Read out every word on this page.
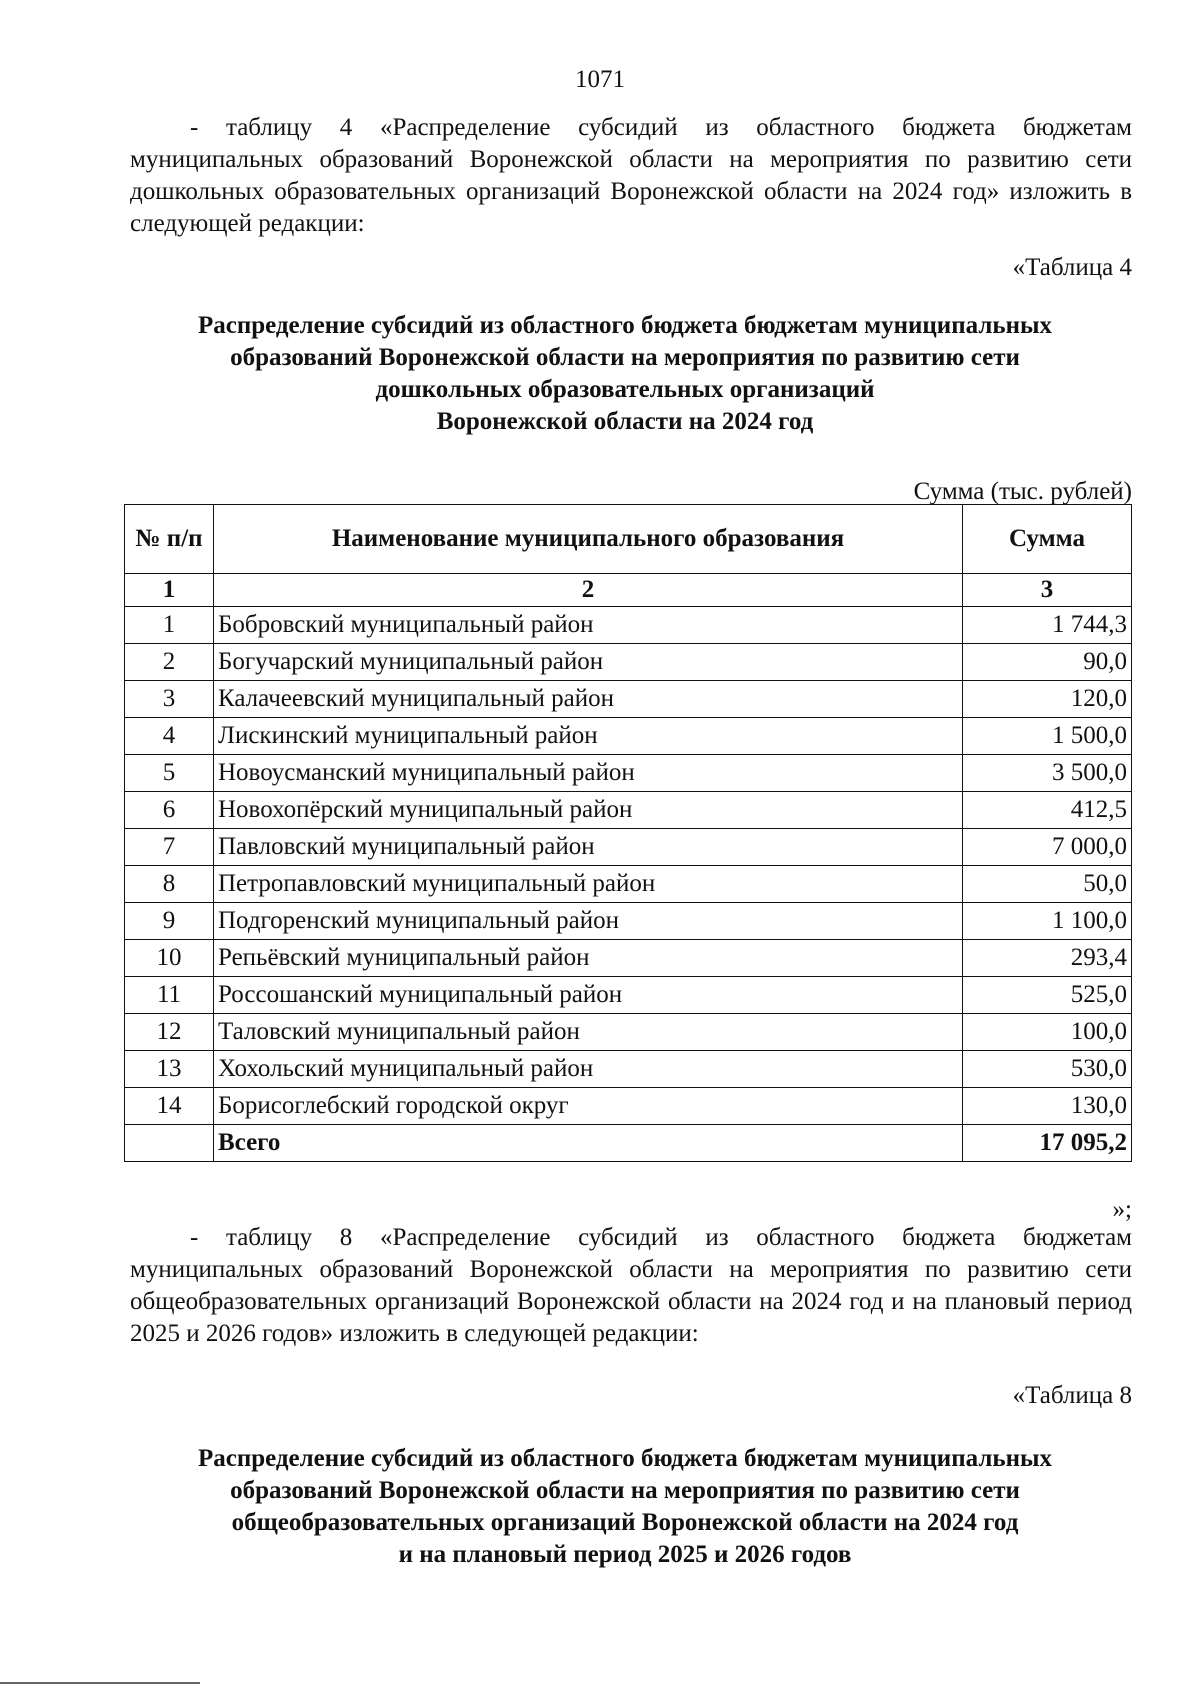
1071

- таблицу 4 «Распределение субсидий из областного бюджета бюджетам муниципальных образований Воронежской области на мероприятия по развитию сети дошкольных образовательных организаций Воронежской области на 2024 год» изложить в следующей редакции:

«Таблица 4
Распределение субсидий из областного бюджета бюджетам муниципальных
образований Воронежской области на мероприятия по развитию сети
дошкольных образовательных организаций
Воронежской области на 2024 год
Сумма (тыс. рублей)
№ п/п	Наименование муниципального образования	Сумма
1	2	3
1	Бобровский муниципальный район	1 744,3
2	Богучарский муниципальный район	90,0
3	Калачеевский муниципальный район	120,0
4	Лискинский муниципальный район	1 500,0
5	Новоусманский муниципальный район	3 500,0
6	Новохопёрский муниципальный район	412,5
7	Павловский муниципальный район	7 000,0
8	Петропавловский муниципальный район	50,0
9	Подгоренский муниципальный район	1 100,0
10	Репьёвский муниципальный район	293,4
11	Россошанский муниципальный район	525,0
12	Таловский муниципальный район	100,0
13	Хохольский муниципальный район	530,0
14	Борисоглебский городской округ	130,0
	Всего	17 095,2
»;

- таблицу 8 «Распределение субсидий из областного бюджета бюджетам муниципальных образований Воронежской области на мероприятия по развитию сети общеобразовательных организаций Воронежской области на 2024 год и на плановый период 2025 и 2026 годов» изложить в следующей редакции:

«Таблица 8
Распределение субсидий из областного бюджета бюджетам муниципальных
образований Воронежской области на мероприятия по развитию сети
общеобразовательных организаций Воронежской области на 2024 год
и на плановый период 2025 и 2026 годов
